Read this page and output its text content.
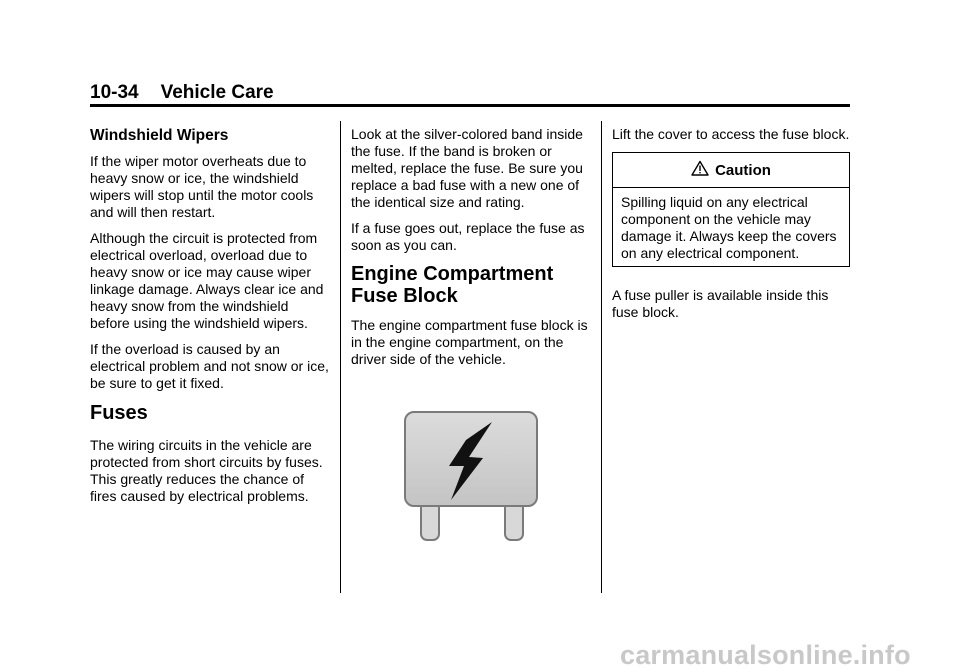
10-34 Vehicle Care
Windshield Wipers

If the wiper motor overheats due to heavy snow or ice, the windshield wipers will stop until the motor cools and will then restart.

Although the circuit is protected from electrical overload, overload due to heavy snow or ice may cause wiper linkage damage. Always clear ice and heavy snow from the windshield before using the windshield wipers.

If the overload is caused by an electrical problem and not snow or ice, be sure to get it fixed.

Fuses

The wiring circuits in the vehicle are protected from short circuits by fuses. This greatly reduces the chance of fires caused by electrical problems.

Look at the silver-colored band inside the fuse. If the band is broken or melted, replace the fuse. Be sure you replace a bad fuse with a new one of the identical size and rating.

If a fuse goes out, replace the fuse as soon as you can.

Engine Compartment
Fuse Block

The engine compartment fuse block is in the engine compartment, on the driver side of the vehicle.

Lift the cover to access the fuse block.

Caution

Spilling liquid on any electrical component on the vehicle may damage it. Always keep the covers on any electrical component.

A fuse puller is available inside this fuse block.

carmanualsonline.info
